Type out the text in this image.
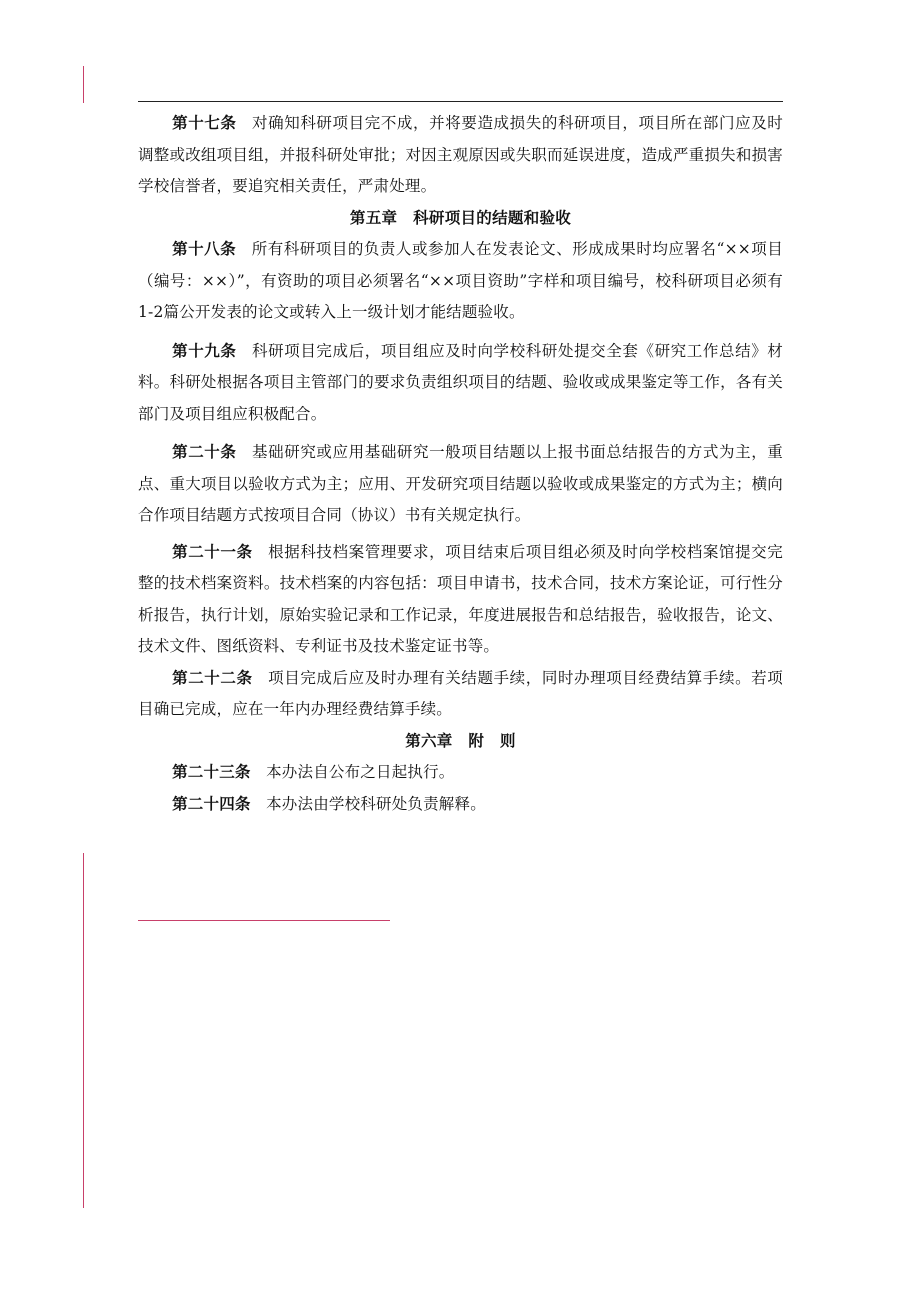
第十七条 对确知科研项目完不成，并将要造成损失的科研项目，项目所在部门应及时调整或改组项目组，并报科研处审批；对因主观原因或失职而延误进度，造成严重损失和损害学校信誉者，要追究相关责任，严肃处理。

第五章　科研项目的结题和验收

第十八条 所有科研项目的负责人或参加人在发表论文、形成成果时均应署名“××项目（编号：××）”，有资助的项目必须署名“××项目资助”字样和项目编号，校科研项目必须有1-2篇公开发表的论文或转入上一级计划才能结题验收。

第十九条 科研项目完成后，项目组应及时向学校科研处提交全套《研究工作总结》材料。科研处根据各项目主管部门的要求负责组织项目的结题、验收或成果鉴定等工作，各有关部门及项目组应积极配合。

第二十条 基础研究或应用基础研究一般项目结题以上报书面总结报告的方式为主，重点、重大项目以验收方式为主；应用、开发研究项目结题以验收或成果鉴定的方式为主；横向合作项目结题方式按项目合同（协议）书有关规定执行。

第二十一条 根据科技档案管理要求，项目结束后项目组必须及时向学校档案馆提交完整的技术档案资料。技术档案的内容包括：项目申请书，技术合同，技术方案论证，可行性分析报告，执行计划，原始实验记录和工作记录，年度进展报告和总结报告，验收报告，论文、技术文件、图纸资料、专利证书及技术鉴定证书等。

第二十二条 项目完成后应及时办理有关结题手续，同时办理项目经费结算手续。若项目确已完成，应在一年内办理经费结算手续。

第六章　附　则

第二十三条 本办法自公布之日起执行。

第二十四条 本办法由学校科研处负责解释。
